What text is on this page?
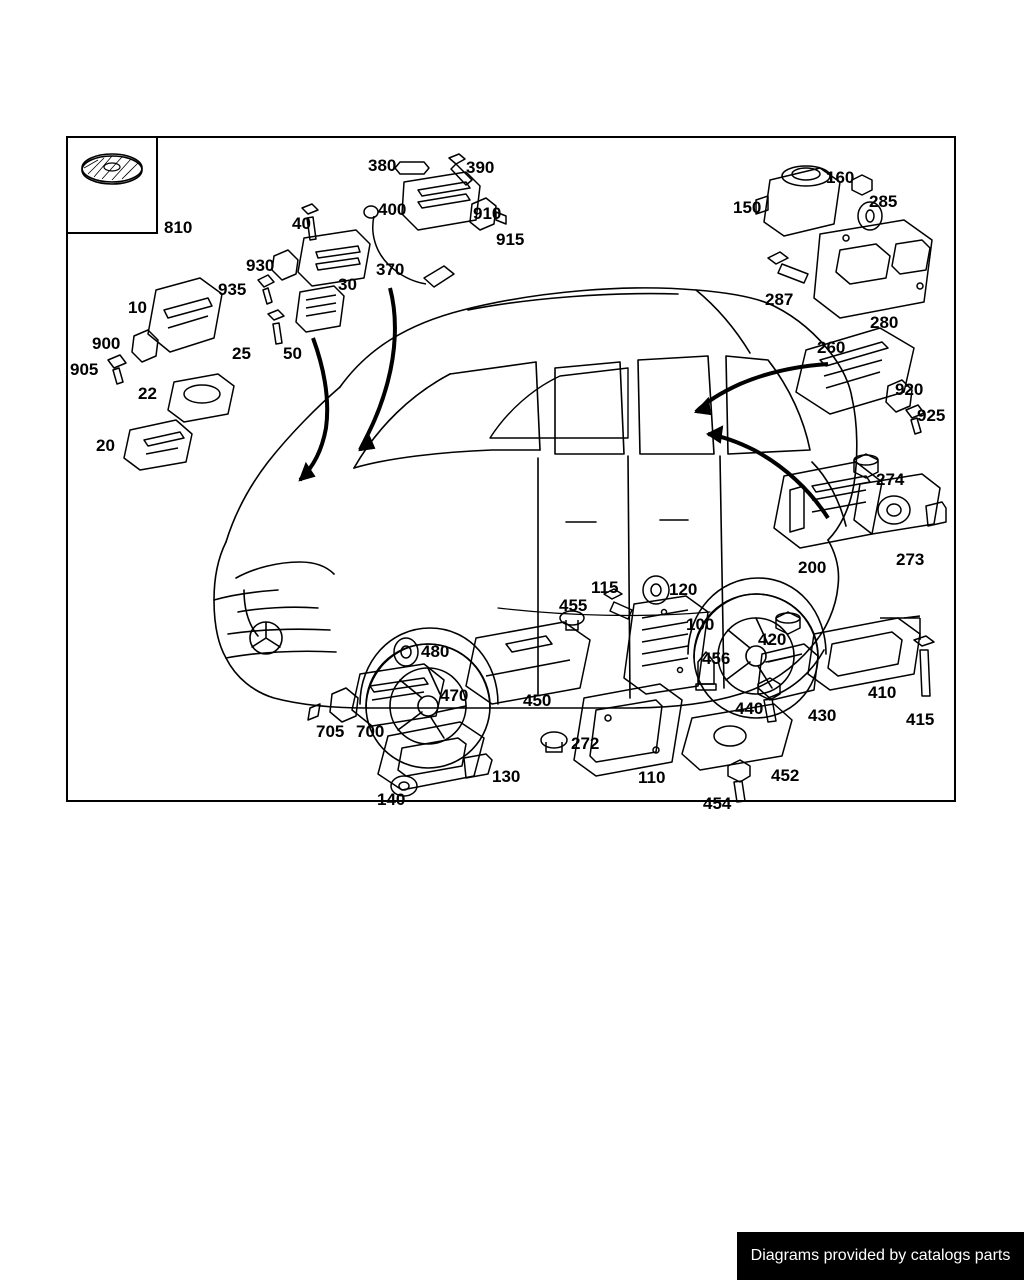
810
380	390
400	910
915
370
40
930
30
935
25 50
10
900
905
22
20
150
160
285
287
280
260
920
925
274
273
200
455
115	120
100
480
450
470
705 700
456
440
420
410
430	415
272
130
140
110	452
454
Diagrams provided by catalogs parts
